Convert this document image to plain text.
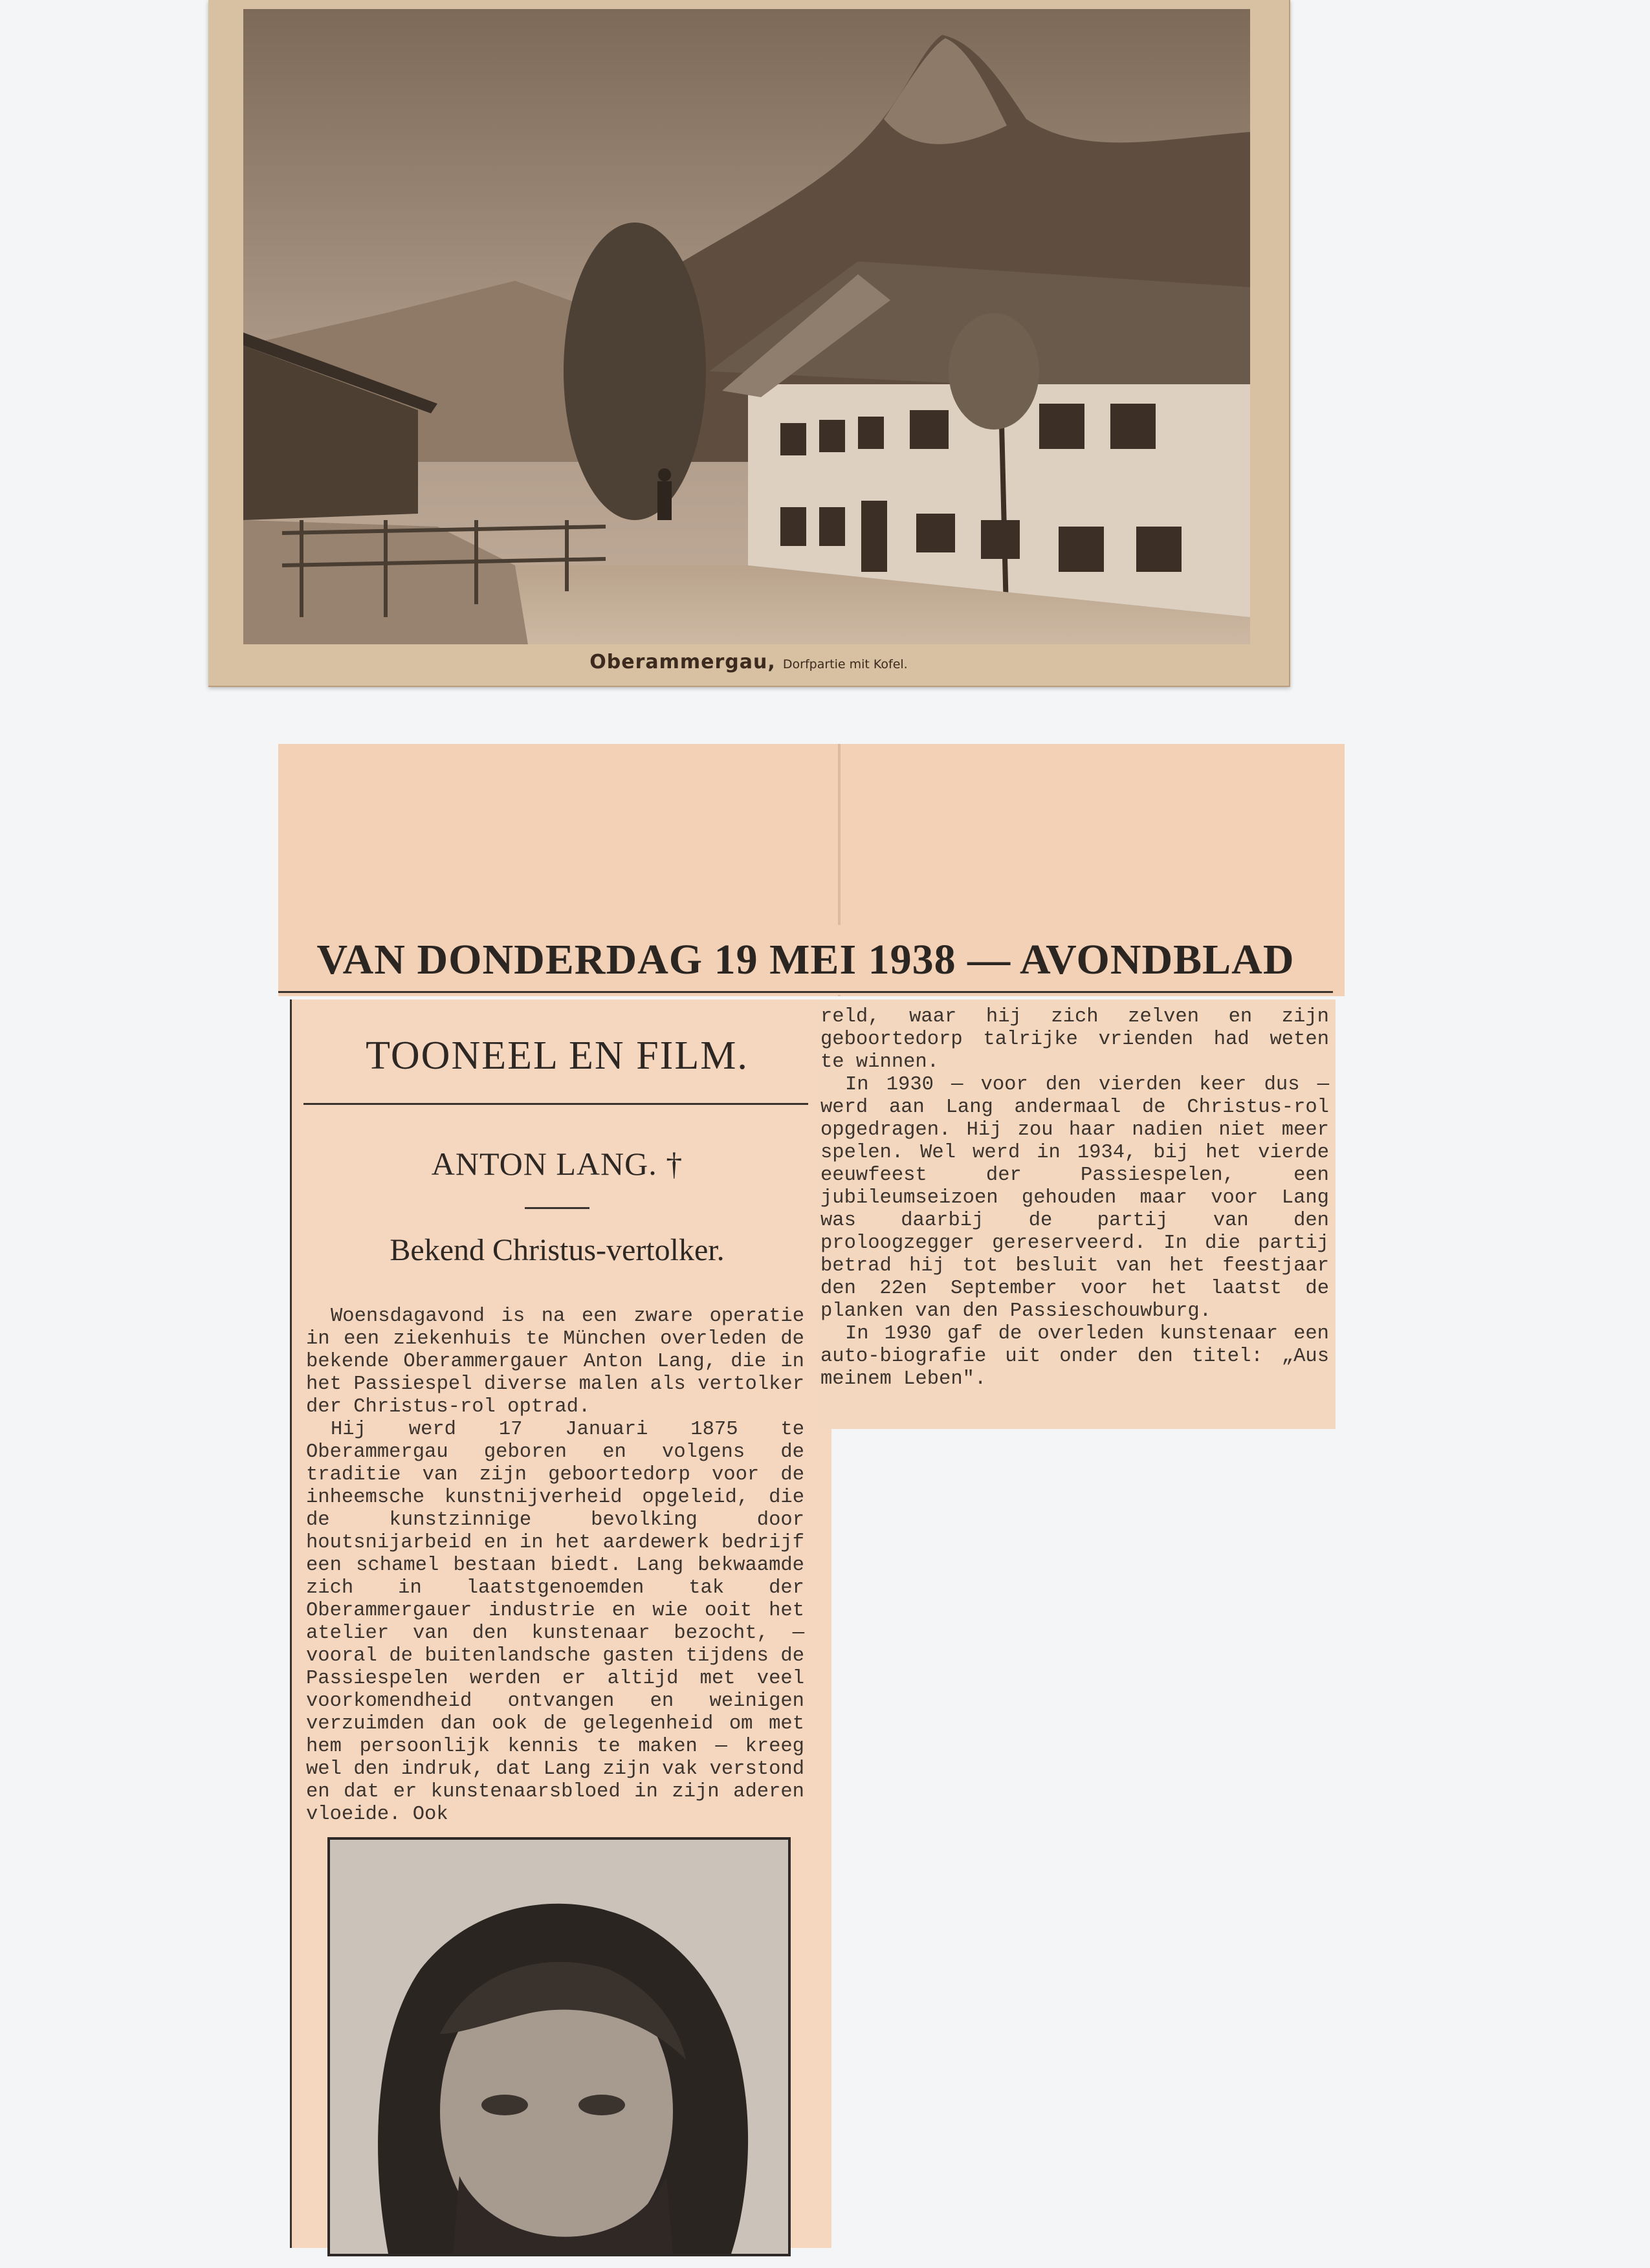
Oberammergau, Dorfpartie mit Kofel.
VAN DONDERDAG 19 MEI 1938 — AVONDBLAD
TOONEEL EN FILM.
ANTON LANG. †
Bekend Christus-vertolker.

Woensdagavond is na een zware operatie in een ziekenhuis te München overleden de bekende Oberammergauer Anton Lang, die in het Passiespel diverse malen als vertolker der Christus-rol optrad.

Hij werd 17 Januari 1875 te Oberammergau geboren en volgens de traditie van zijn geboortedorp voor de inheemsche kunstnijverheid opgeleid, die de kunstzinnige bevolking door houtsnijarbeid en in het aardewerk bedrijf een schamel bestaan biedt. Lang bekwaamde zich in laatstgenoemden tak der Oberammergauer industrie en wie ooit het atelier van den kunstenaar bezocht, — vooral de buitenlandsche gasten tijdens de Passiespelen werden er altijd met veel voorkomendheid ontvangen en weinigen verzuimden dan ook de gelegenheid om met hem persoonlijk kennis te maken — kreeg wel den indruk, dat Lang zijn vak verstond en dat er kunstenaarsbloed in zijn aderen vloeide. Ook

reld, waar hij zich zelven en zijn geboortedorp talrijke vrienden had weten te winnen.

In 1930 — voor den vierden keer dus — werd aan Lang andermaal de Christus-rol opgedragen. Hij zou haar nadien niet meer spelen. Wel werd in 1934, bij het vierde eeuwfeest der Passiespelen, een jubileumseizoen gehouden maar voor Lang was daarbij de partij van den proloogzegger gereserveerd. In die partij betrad hij tot besluit van het feestjaar den 22en September voor het laatst de planken van den Passieschouwburg.

In 1930 gaf de overleden kunstenaar een auto-biografie uit onder den titel: „Aus meinem Leben".
